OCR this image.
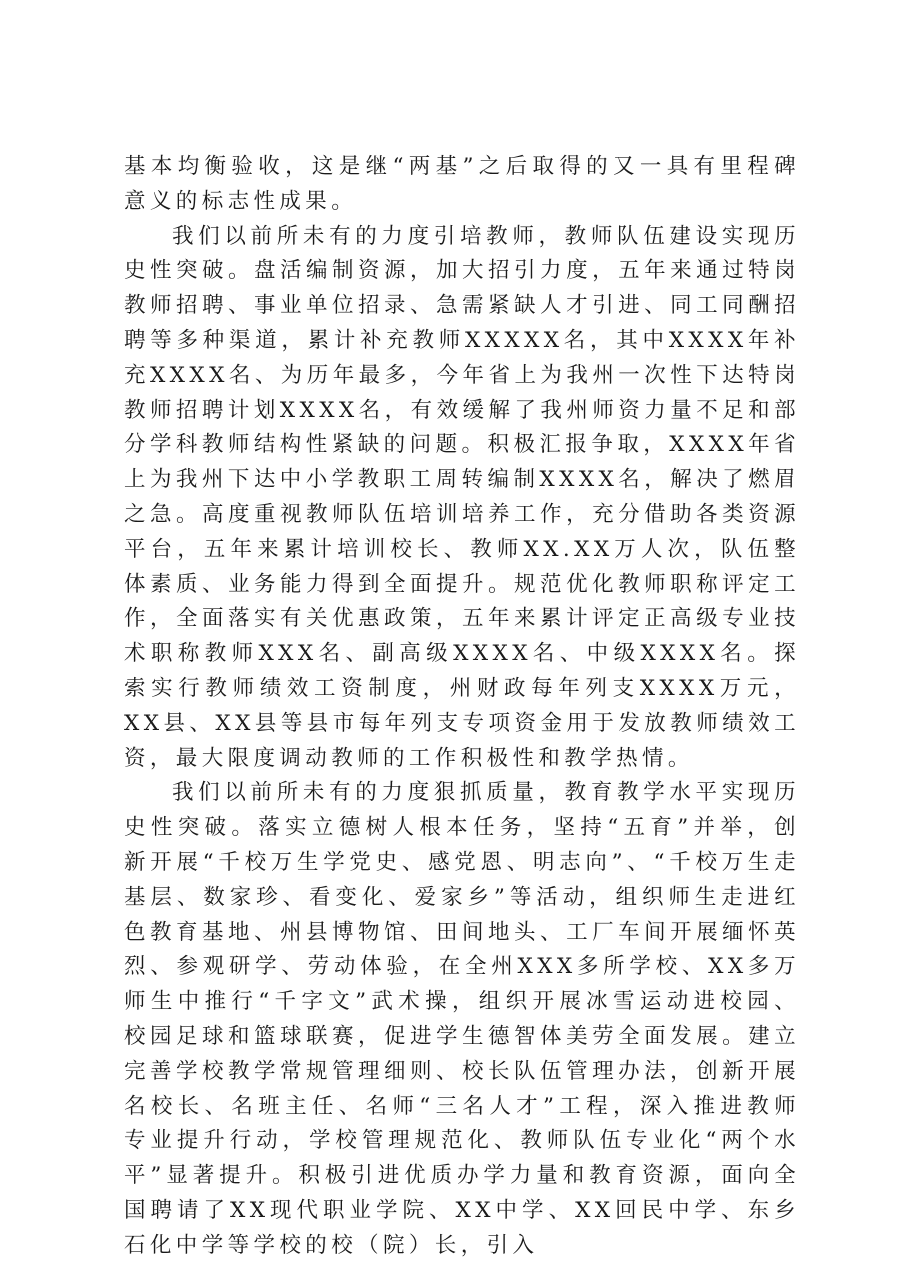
基本均衡验收，这是继“两基”之后取得的又一具有里程碑意义的标志性成果。

我们以前所未有的力度引培教师，教师队伍建设实现历史性突破。盘活编制资源，加大招引力度，五年来通过特岗教师招聘、事业单位招录、急需紧缺人才引进、同工同酬招聘等多种渠道，累计补充教师XXXXX名，其中XXXX年补充XXXX名、为历年最多，今年省上为我州一次性下达特岗教师招聘计划XXXX名，有效缓解了我州师资力量不足和部分学科教师结构性紧缺的问题。积极汇报争取，XXXX年省上为我州下达中小学教职工周转编制XXXX名，解决了燃眉之急。高度重视教师队伍培训培养工作，充分借助各类资源平台，五年来累计培训校长、教师XX.XX万人次，队伍整体素质、业务能力得到全面提升。规范优化教师职称评定工作，全面落实有关优惠政策，五年来累计评定正高级专业技术职称教师XXX名、副高级XXXX名、中级XXXX名。探索实行教师绩效工资制度，州财政每年列支XXXX万元，XX县、XX县等县市每年列支专项资金用于发放教师绩效工资，最大限度调动教师的工作积极性和教学热情。

我们以前所未有的力度狠抓质量，教育教学水平实现历史性突破。落实立德树人根本任务，坚持“五育”并举，创新开展“千校万生学党史、感党恩、明志向”、“千校万生走基层、数家珍、看变化、爱家乡”等活动，组织师生走进红色教育基地、州县博物馆、田间地头、工厂车间开展缅怀英烈、参观研学、劳动体验，在全州XXX多所学校、XX多万师生中推行“千字文”武术操，组织开展冰雪运动进校园、校园足球和篮球联赛，促进学生德智体美劳全面发展。建立完善学校教学常规管理细则、校长队伍管理办法，创新开展名校长、名班主任、名师“三名人才”工程，深入推进教师专业提升行动，学校管理规范化、教师队伍专业化“两个水平”显著提升。积极引进优质办学力量和教育资源，面向全国聘请了XX现代职业学院、XX中学、XX回民中学、东乡石化中学等学校的校（院）长，引入
